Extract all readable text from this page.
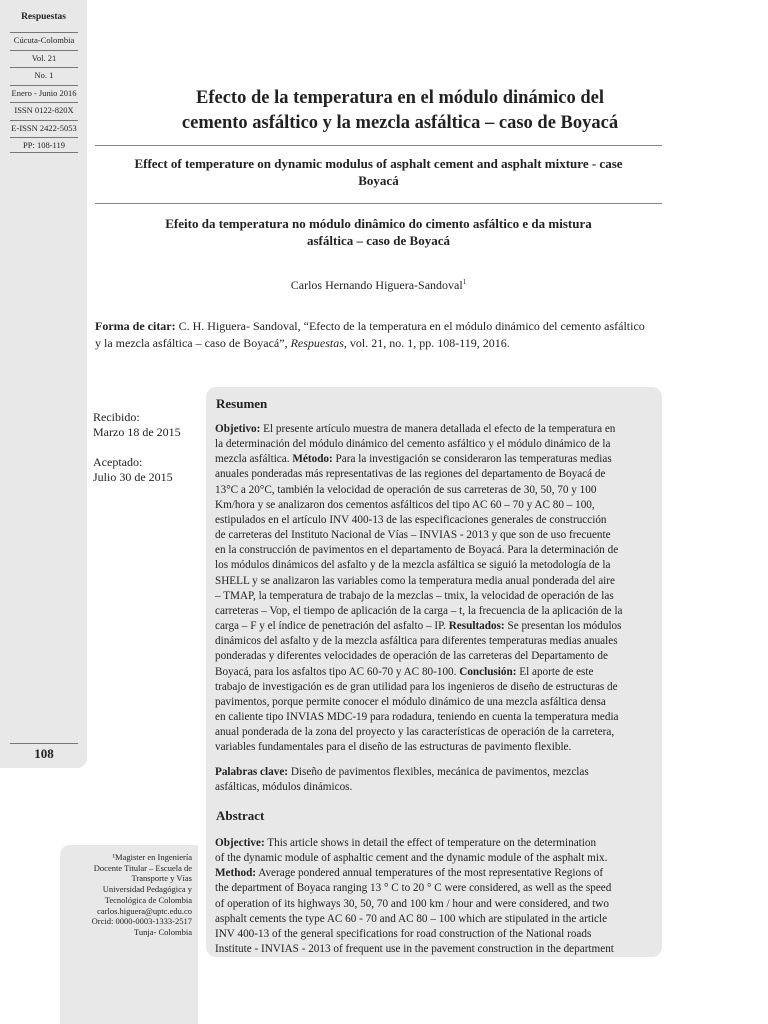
Respuestas
Cúcuta-Colombia
Vol. 21
No. 1
Enero - Junio 2016
ISSN 0122-820X
E-ISSN 2422-5053
PP: 108-119
108
Efecto de la temperatura en el módulo dinámico del
cemento asfáltico y la mezcla asfáltica – caso de Boyacá
Effect of temperature on dynamic modulus of asphalt cement and asphalt mixture - case
Boyacá
Efeito da temperatura no módulo dinâmico do cimento asfáltico e da mistura
asfáltica – caso de Boyacá
Carlos Hernando Higuera-Sandoval$^1$
Forma de citar: C. H. Higuera- Sandoval, “Efecto de la temperatura en el módulo dinámico del cemento asfáltico
y la mezcla asfáltica – caso de Boyacá”, Respuestas, vol. 21, no. 1, pp. 108-119, 2016.
Recibido:
Marzo 18 de 2015
Aceptado:
Julio 30 de 2015
Resumen
Objetivo: El presente artículo muestra de manera detallada el efecto de la temperatura en
la determinación del módulo dinámico del cemento asfáltico y el módulo dinámico de la
mezcla asfáltica. Método: Para la investigación se consideraron las temperaturas medias
anuales ponderadas más representativas de las regiones del departamento de Boyacá de
13°C a 20°C, también la velocidad de operación de sus carreteras de 30, 50, 70 y 100
Km/hora y se analizaron dos cementos asfálticos del tipo AC 60 – 70 y AC 80 – 100,
estipulados en el artículo INV 400-13 de las especificaciones generales de construcción
de carreteras del Instituto Nacional de Vías – INVIAS - 2013 y que son de uso frecuente
en la construcción de pavimentos en el departamento de Boyacá. Para la determinación de
los módulos dinámicos del asfalto y de la mezcla asfáltica se siguió la metodología de la
SHELL y se analizaron las variables como la temperatura media anual ponderada del aire
– TMAP, la temperatura de trabajo de la mezclas – tmix, la velocidad de operación de las
carreteras – Vop, el tiempo de aplicación de la carga – t, la frecuencia de la aplicación de la
carga – F y el índice de penetración del asfalto – IP. Resultados: Se presentan los módulos
dinámicos del asfalto y de la mezcla asfáltica para diferentes temperaturas medias anuales
ponderadas y diferentes velocidades de operación de las carreteras del Departamento de
Boyacá, para los asfaltos tipo AC 60-70 y AC 80-100. Conclusión: El aporte de este
trabajo de investigación es de gran utilidad para los ingenieros de diseño de estructuras de
pavimentos, porque permite conocer el módulo dinámico de una mezcla asfáltica densa
en caliente tipo INVIAS MDC-19 para rodadura, teniendo en cuenta la temperatura media
anual ponderada de la zona del proyecto y las características de operación de la carretera,
variables fundamentales para el diseño de las estructuras de pavimento flexible.
Palabras clave: Diseño de pavimentos flexibles, mecánica de pavimentos, mezclas
asfálticas, módulos dinámicos.
Abstract
Objective: This article shows in detail the effect of temperature on the determination
of the dynamic module of asphaltic cement and the dynamic module of the asphalt mix.
Method: Average pondered annual temperatures of the most representative Regions of
the department of Boyaca ranging 13 ° C to 20 ° C were considered, as well as the speed
of operation of its highways 30, 50, 70 and 100 km / hour and were considered, and two
asphalt cements the type AC 60 - 70 and AC 80 – 100 which are stipulated in the article
INV 400-13 of the general specifications for road construction of the National roads
Institute - INVIAS - 2013 of frequent use in the pavement construction in the department
¹Magister en Ingeniería
Docente Titular – Escuela de
Transporte y Vías
Universidad Pedagógica y
Tecnológica de Colombia
carlos.higuera@uptc.edu.co
Orcid: 0000-0003-1333-2517
Tunja- Colombia
